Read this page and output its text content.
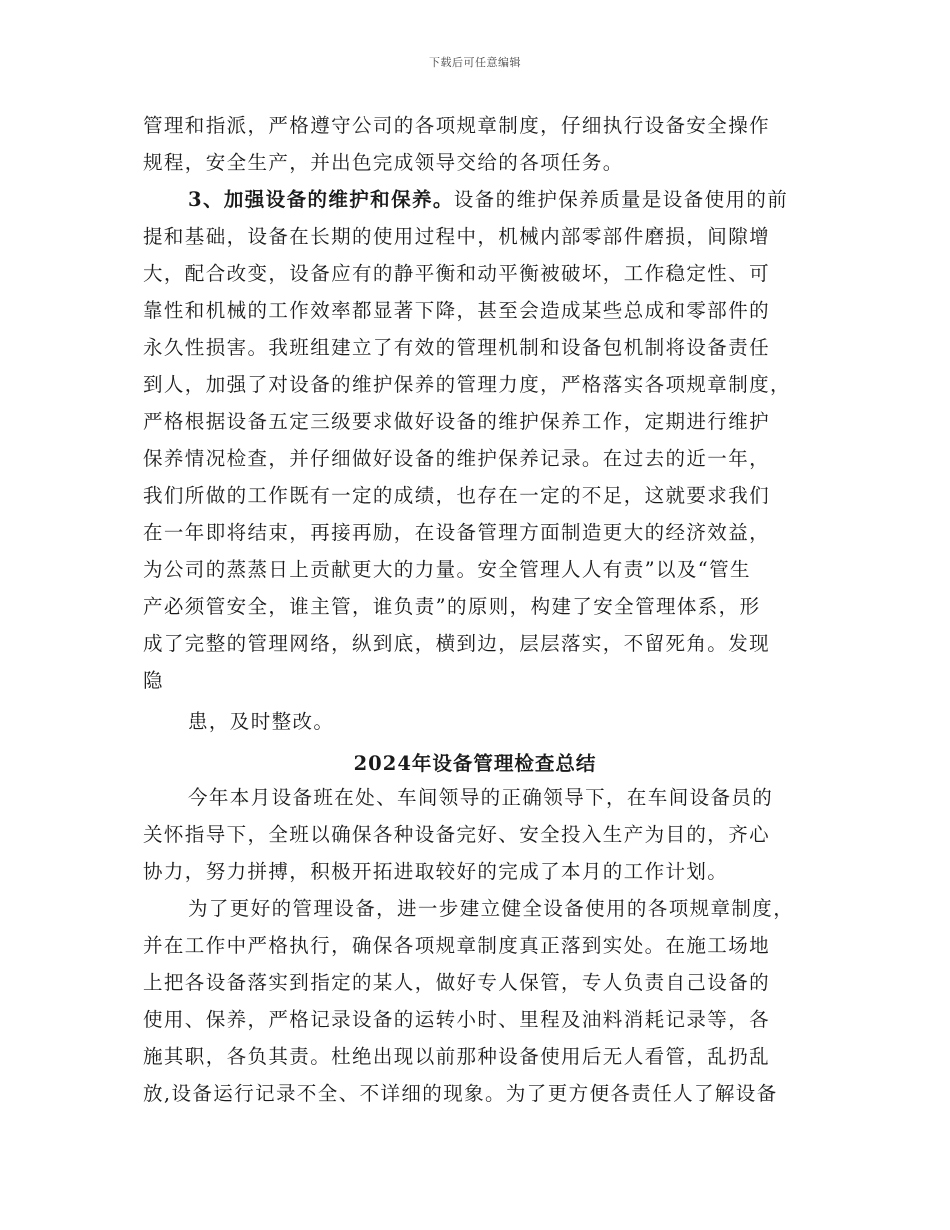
下载后可任意编辑
管理和指派，严格遵守公司的各项规章制度，仔细执行设备安全操作
规程，安全生产，并出色完成领导交给的各项任务。
3、加强设备的维护和保养。设备的维护保养质量是设备使用的前
提和基础，设备在长期的使用过程中，机械内部零部件磨损，间隙增
大，配合改变，设备应有的静平衡和动平衡被破坏，工作稳定性、可
靠性和机械的工作效率都显著下降，甚至会造成某些总成和零部件的
永久性损害。我班组建立了有效的管理机制和设备包机制将设备责任
到人，加强了对设备的维护保养的管理力度，严格落实各项规章制度，
严格根据设备五定三级要求做好设备的维护保养工作，定期进行维护
保养情况检查，并仔细做好设备的维护保养记录。在过去的近一年，
我们所做的工作既有一定的成绩，也存在一定的不足，这就要求我们
在一年即将结束，再接再励，在设备管理方面制造更大的经济效益，
为公司的蒸蒸日上贡献更大的力量。安全管理人人有责”以及“管生
产必须管安全，谁主管，谁负责”的原则，构建了安全管理体系，形
成了完整的管理网络，纵到底，横到边，层层落实，不留死角。发现
隐
患，及时整改。
2024年设备管理检查总结
今年本月设备班在处、车间领导的正确领导下，在车间设备员的
关怀指导下，全班以确保各种设备完好、安全投入生产为目的，齐心
协力，努力拼搏，积极开拓进取较好的完成了本月的工作计划。
为了更好的管理设备，进一步建立健全设备使用的各项规章制度，
并在工作中严格执行，确保各项规章制度真正落到实处。在施工场地
上把各设备落实到指定的某人，做好专人保管，专人负责自己设备的
使用、保养，严格记录设备的运转小时、里程及油料消耗记录等，各
施其职，各负其责。杜绝出现以前那种设备使用后无人看管，乱扔乱
放,设备运行记录不全、不详细的现象。为了更方便各责任人了解设备
